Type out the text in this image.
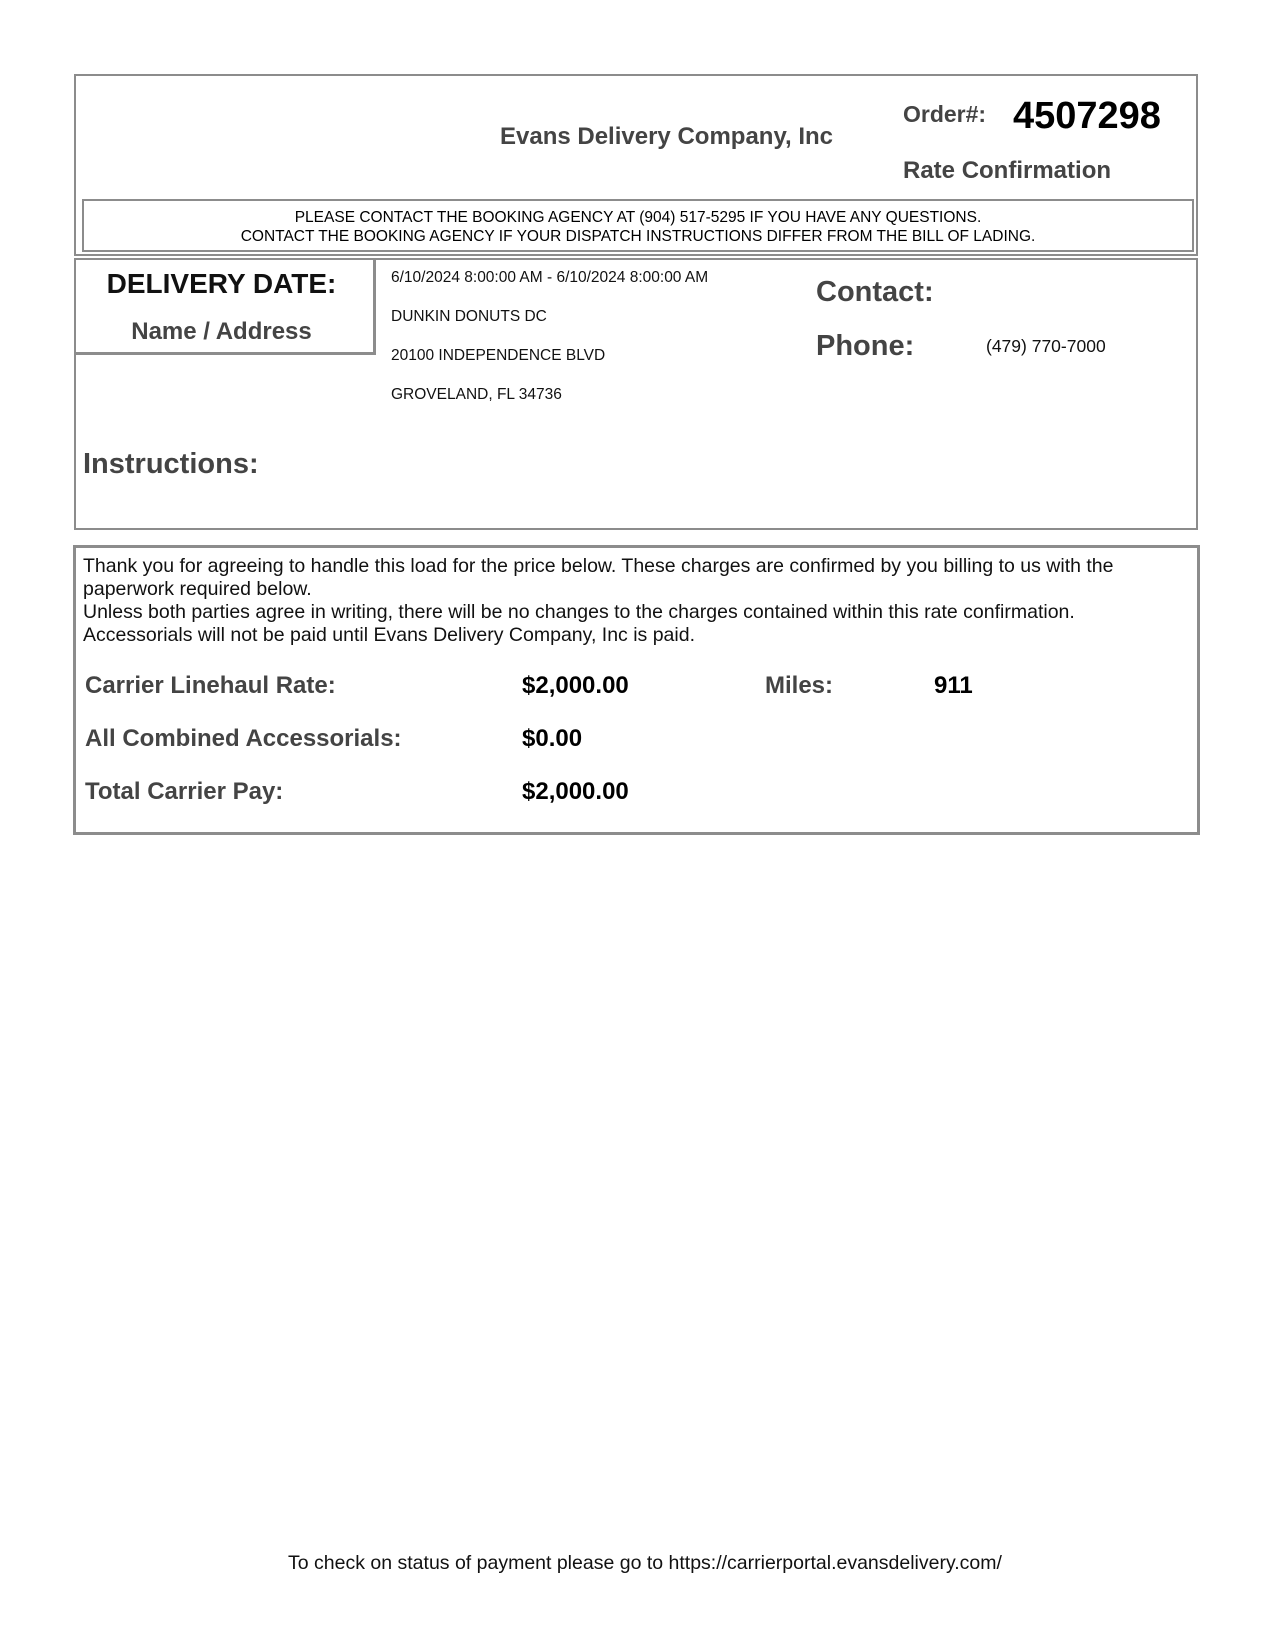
Evans Delivery Company, Inc
Order#: 4507298
Rate Confirmation
PLEASE CONTACT THE BOOKING AGENCY AT (904) 517-5295 IF YOU HAVE ANY QUESTIONS.
CONTACT THE BOOKING AGENCY IF YOUR DISPATCH INSTRUCTIONS DIFFER FROM THE BILL OF LADING.
DELIVERY DATE:
Name / Address
6/10/2024 8:00:00 AM - 6/10/2024 8:00:00 AM
DUNKIN DONUTS DC
20100 INDEPENDENCE BLVD
GROVELAND, FL 34736
Contact:
Phone:	(479) 770-7000
Instructions:

Thank you for agreeing to handle this load for the price below. These charges are confirmed by you billing to us with the paperwork required below.

Unless both parties agree in writing, there will be no changes to the charges contained within this rate confirmation.

Accessorials will not be paid until Evans Delivery Company, Inc is paid.

Carrier Linehaul Rate:	$2,000.00	Miles:	911
All Combined Accessorials:	$0.00
Total Carrier Pay:	$2,000.00
To check on status of payment please go to https://carrierportal.evansdelivery.com/
